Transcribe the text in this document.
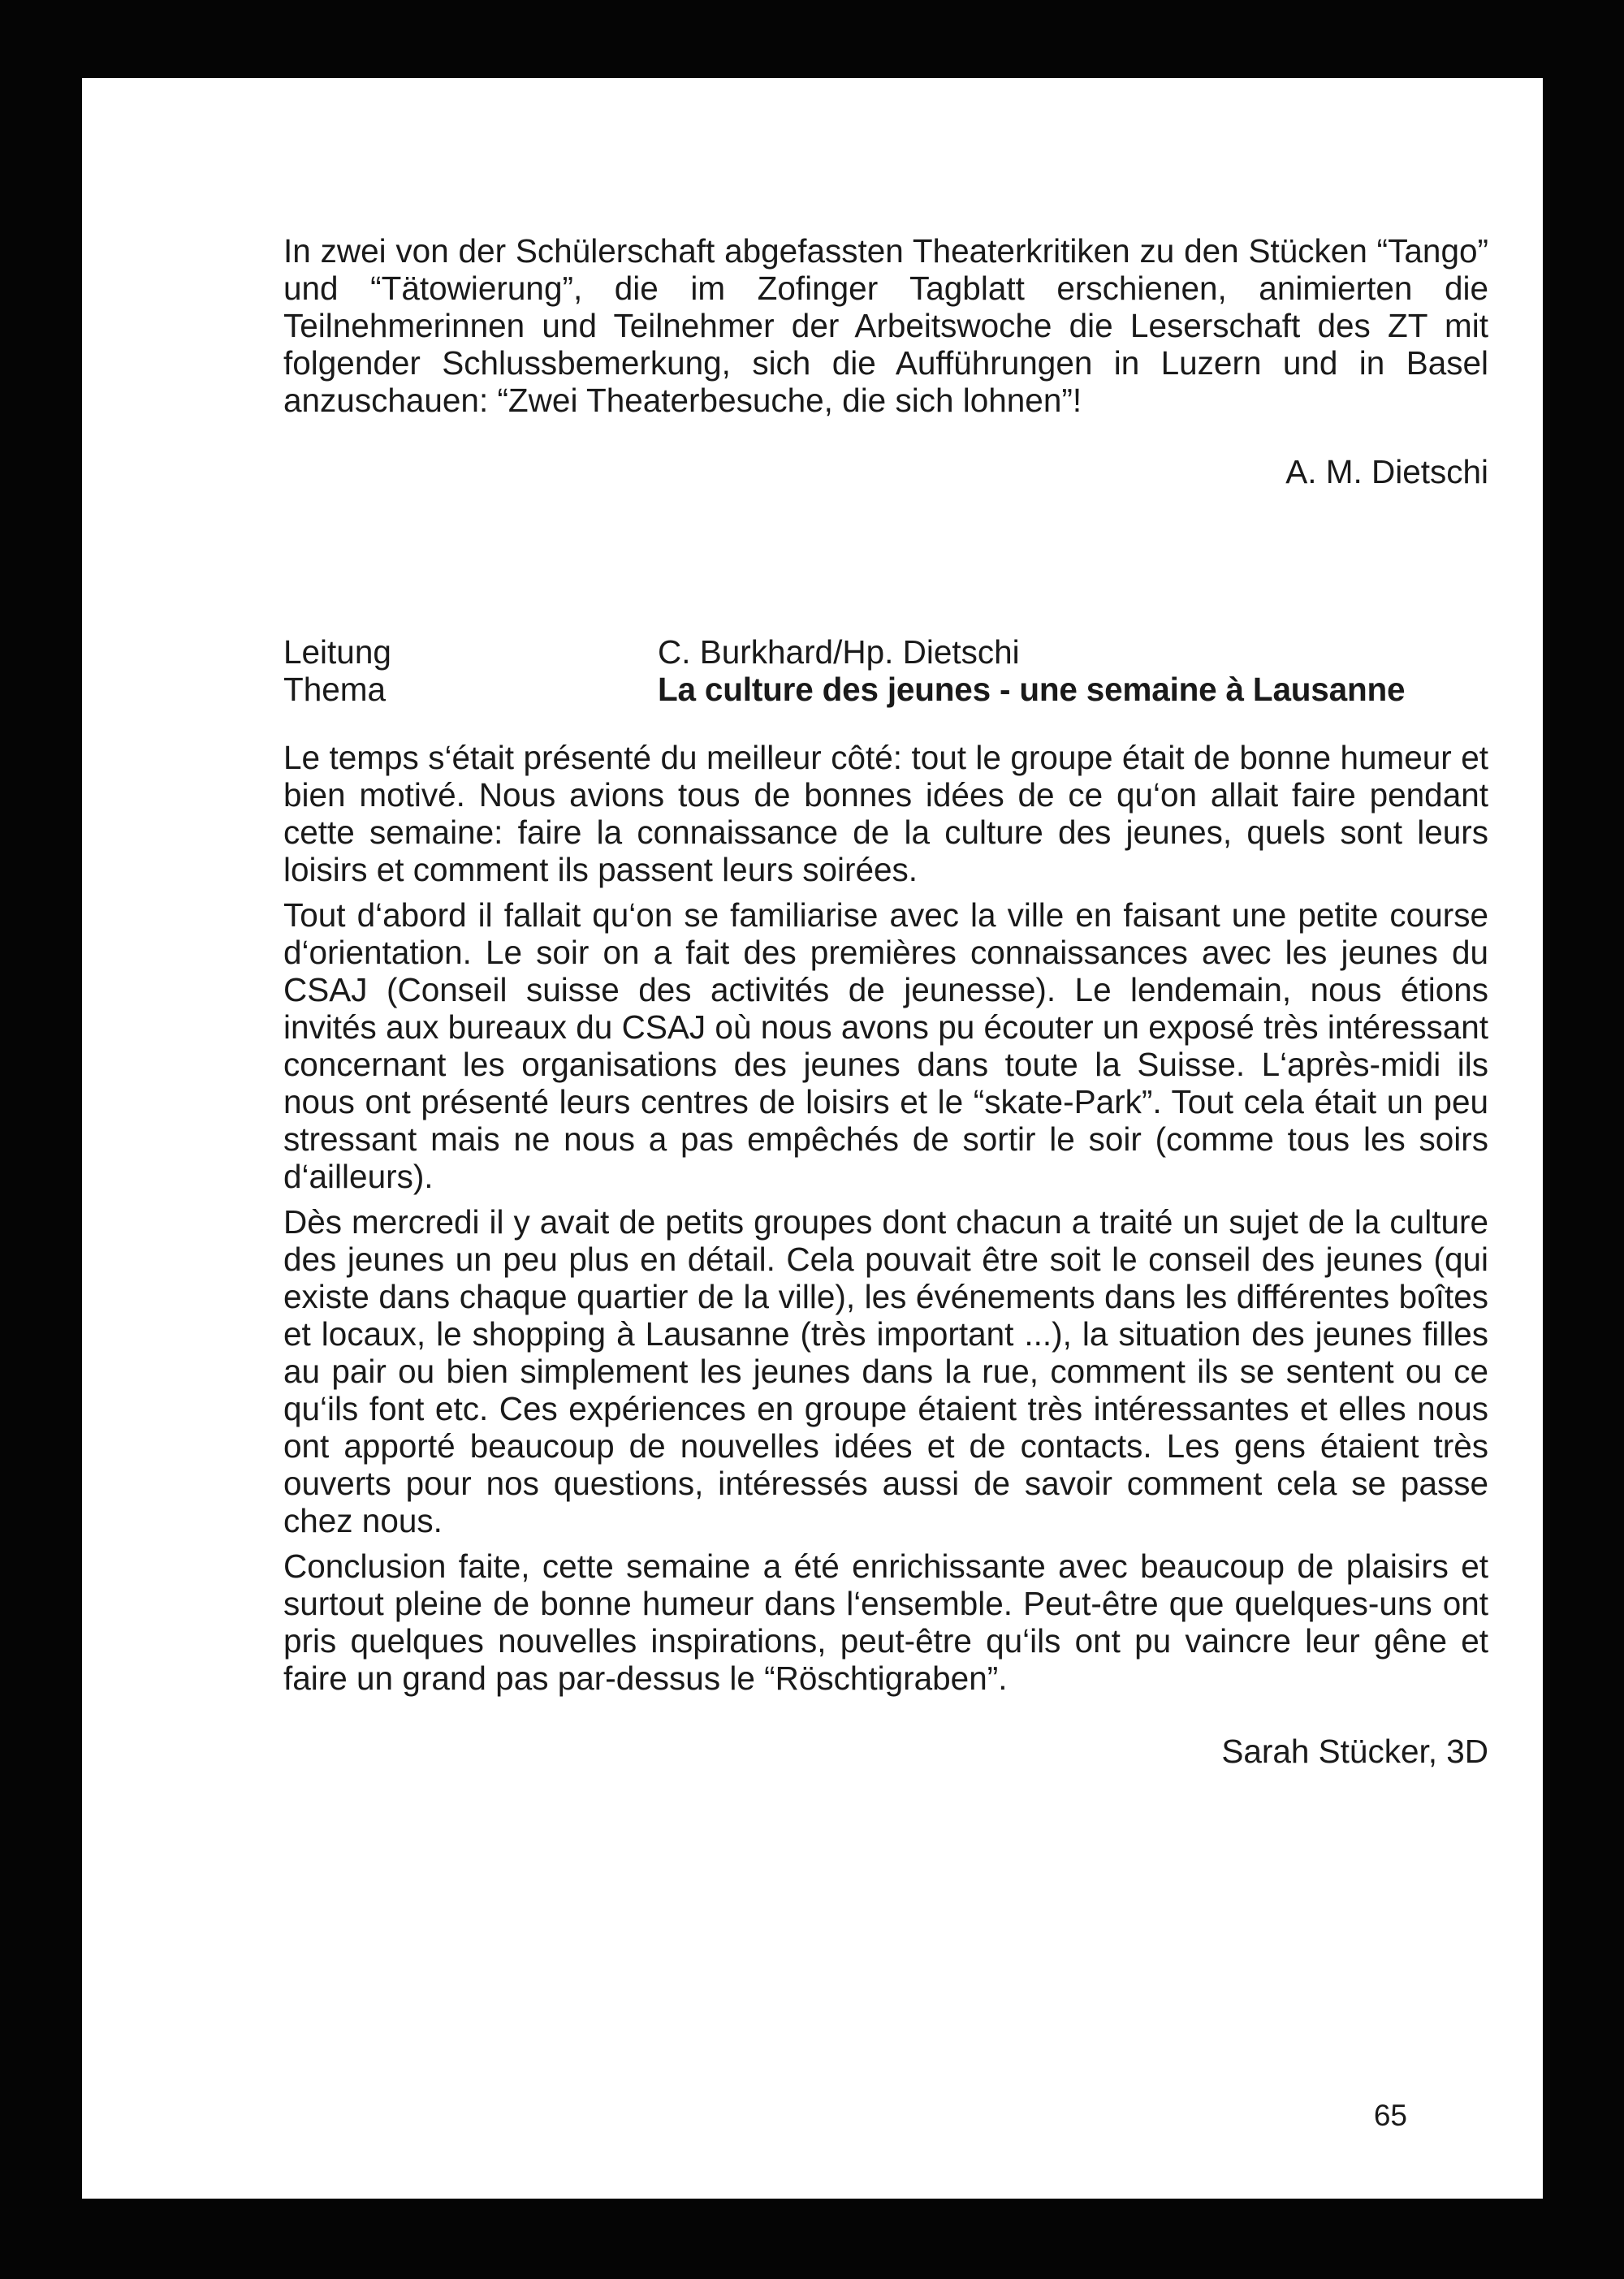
In zwei von der Schülerschaft abgefassten Theaterkritiken zu den Stücken “Tango” und “Tätowierung”, die im Zofinger Tagblatt erschienen, animierten die Teilnehmerinnen und Teilnehmer der Arbeitswoche die Leserschaft des ZT mit folgender Schlussbemerkung, sich die Aufführungen in Luzern und in Basel anzuschauen: “Zwei Theaterbesuche, die sich lohnen”!

A. M. Dietschi

Leitung	C. Burkhard/Hp. Dietschi
Thema	La culture des jeunes - une semaine à Lausanne

Le temps s‘était présenté du meilleur côté: tout le groupe était de bonne humeur et bien motivé. Nous avions tous de bonnes idées de ce qu‘on allait faire pendant cette semaine: faire la connaissance de la culture des jeunes, quels sont leurs loisirs et comment ils passent leurs soirées.

Tout d‘abord il fallait qu‘on se familiarise avec la ville en faisant une petite course d‘orientation. Le soir on a fait des premières connaissances avec les jeunes du CSAJ (Conseil suisse des activités de jeunesse). Le lendemain, nous étions invités aux bureaux du CSAJ où nous avons pu écouter un exposé très intéressant concernant les organisations des jeunes dans toute la Suisse. L‘après-midi ils nous ont présenté leurs centres de loisirs et le “skate-Park”. Tout cela était un peu stressant mais ne nous a pas empêchés de sortir le soir (comme tous les soirs d‘ailleurs).

Dès mercredi il y avait de petits groupes dont chacun a traité un sujet de la culture des jeunes un peu plus en détail. Cela pouvait être soit le conseil des jeunes (qui existe dans chaque quartier de la ville), les événements dans les différentes boîtes et locaux, le shopping à Lausanne (très important ...), la situation des jeunes filles au pair ou bien simplement les jeunes dans la rue, comment ils se sentent ou ce qu‘ils font etc. Ces expériences en groupe étaient très intéressantes et elles nous ont apporté beaucoup de nouvelles idées et de contacts. Les gens étaient très ouverts pour nos questions, intéressés aussi de savoir comment cela se passe chez nous.

Conclusion faite, cette semaine a été enrichissante avec beaucoup de plaisirs et surtout pleine de bonne humeur dans l‘ensemble. Peut-être que quelques-uns ont pris quelques nouvelles inspirations, peut-être qu‘ils ont pu vaincre leur gêne et faire un grand pas par-dessus le “Röschtigraben”.

Sarah Stücker, 3D

65
